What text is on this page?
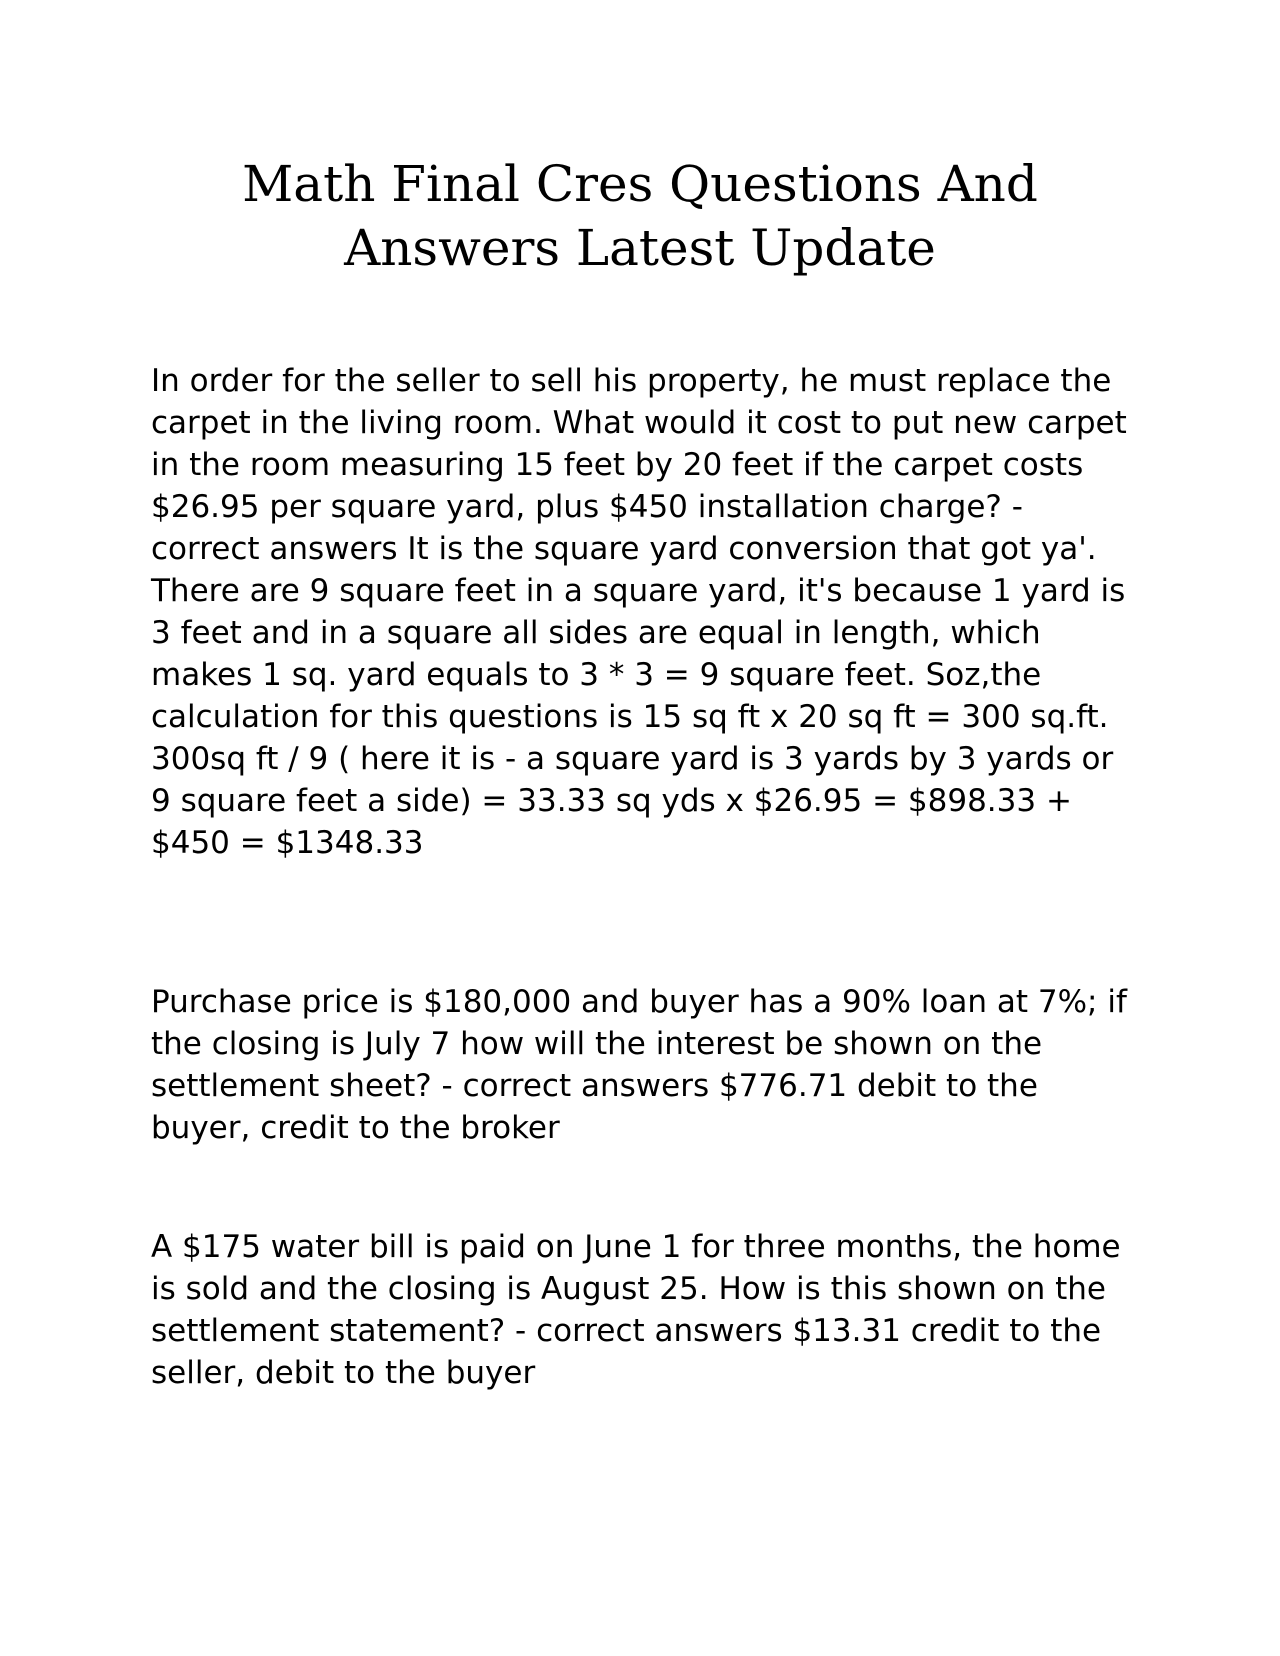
Math Final Cres Questions And Answers Latest Update

In order for the seller to sell his property, he must replace the carpet in the living room. What would it cost to put new carpet in the room measuring 15 feet by 20 feet if the carpet costs $26.95 per square yard, plus $450 installation charge? - correct answers It is the square yard conversion that got ya'. There are 9 square feet in a square yard, it's because 1 yard is 3 feet and in a square all sides are equal in length, which makes 1 sq. yard equals to 3 * 3 = 9 square feet. Soz,the calculation for this questions is 15 sq ft x 20 sq ft = 300 sq.ft. 300sq ft / 9 ( here it is - a square yard is 3 yards by 3 yards or 9 square feet a side) = 33.33 sq yds x $26.95 = $898.33 + $450 = $1348.33

Purchase price is $180,000 and buyer has a 90% loan at 7%; if the closing is July 7 how will the interest be shown on the settlement sheet? - correct answers $776.71 debit to the buyer, credit to the broker

A $175 water bill is paid on June 1 for three months, the home is sold and the closing is August 25. How is this shown on the settlement statement? - correct answers $13.31 credit to the seller, debit to the buyer
